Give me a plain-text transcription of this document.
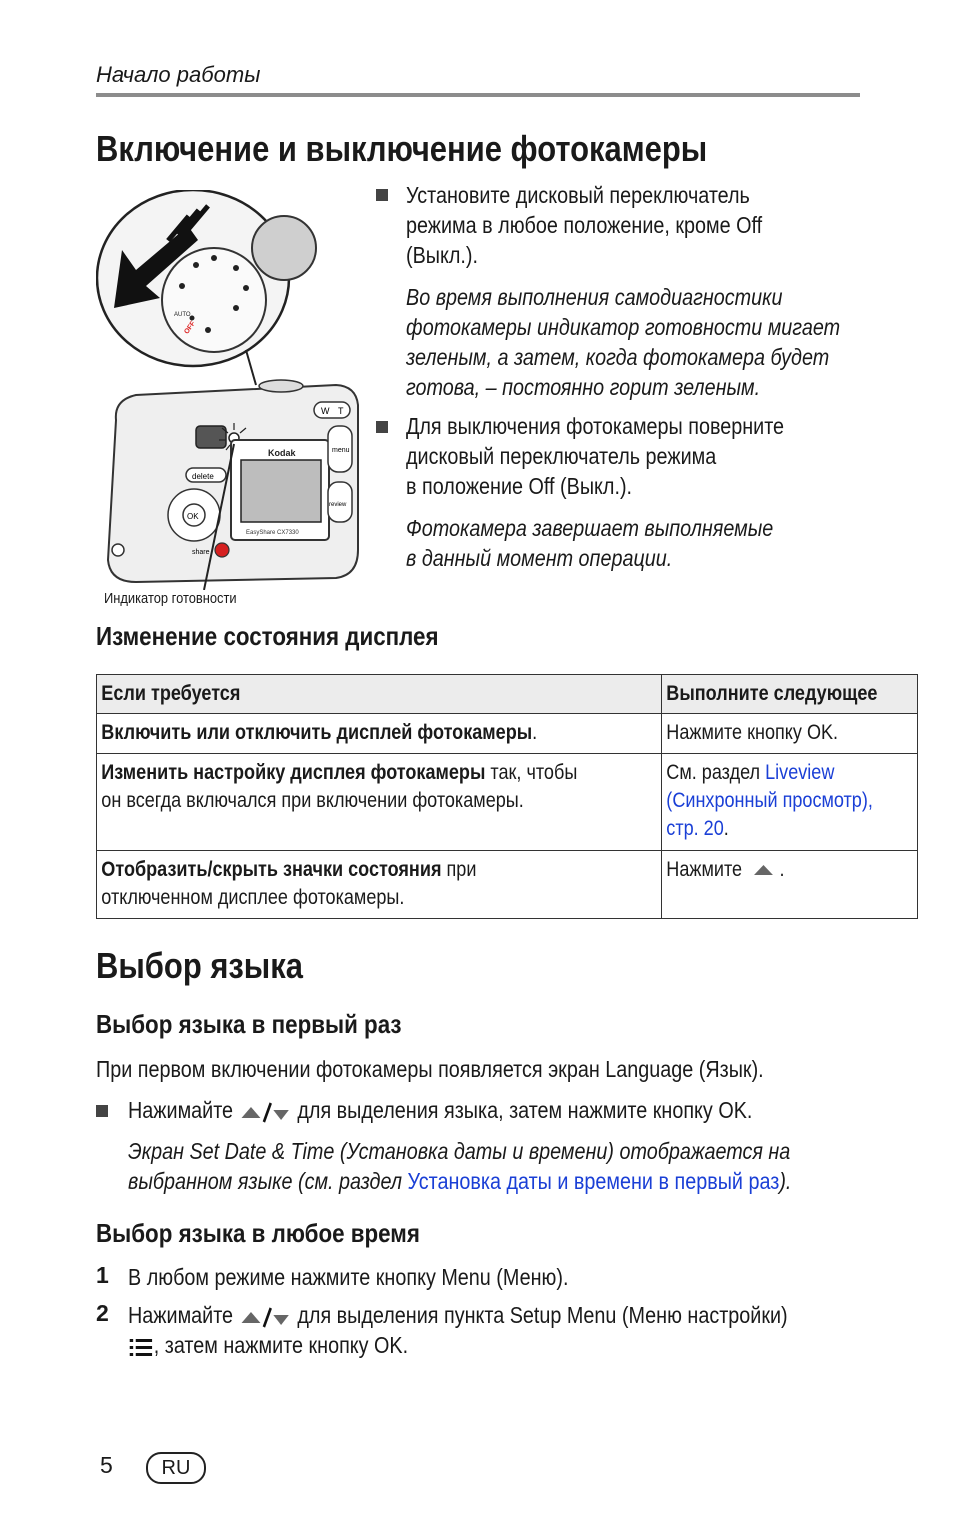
Начало работы
Включение и выключение фотокамеры
AUTO
OFF
Kodak
EasyShare CX7330
W T
menu
review
delete
OK
share
Индикатор готовности
Установите дисковый переключатель
режима в любое положение, кроме Off
(Выкл.).
Во время выполнения самодиагностики
фотокамеры индикатор готовности мигает
зеленым, а затем, когда фотокамера будет
готова, – постоянно горит зеленым.
Для выключения фотокамеры поверните
дисковый переключатель режима
в положение Off (Выкл.).
Фотокамера завершает выполняемые
в данный момент операции.
Изменение состояния дисплея
Если требуется	Выполните следующее

Включить или отключить дисплей фотокамеры.	Нажмите кнопку OK.

Изменить настройку дисплея фотокамеры так, чтобы
он всегда включался при включении фотокамеры.	См. раздел Liveview
(Синхронный просмотр),
стр. 20.

Отобразить/скрыть значки состояния при
отключенном дисплее фотокамеры.	Нажмите .
Выбор языка
Выбор языка в первый раз
При первом включении фотокамеры появляется экран Language (Язык).
Нажимайте	для выделения языка, затем нажмите кнопку OK.
Экран Set Date & Time (Установка даты и времени) отображается на
выбранном языке (см. раздел Установка даты и времени в первый раз).
Выбор языка в любое время
1 В любом режиме нажмите кнопку Menu (Меню).
2 Нажимайте	для выделения пункта Setup Menu (Меню настройки)
, затем нажмите кнопку OK.
5	RU
